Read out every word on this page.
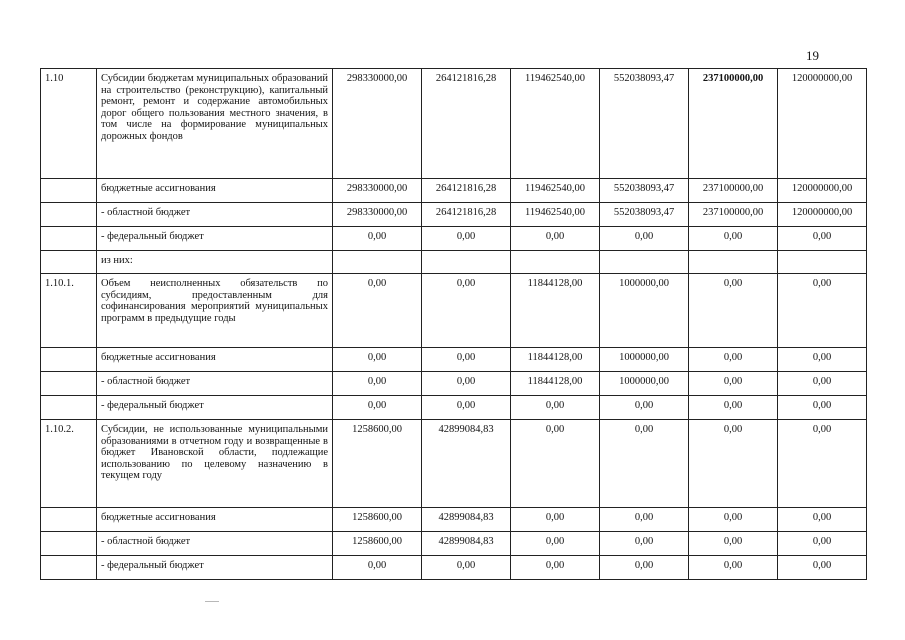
19
1.10	Субсидии бюджетам муниципальных образований на строительство (реконструкцию), капитальный ремонт, ремонт и содержание автомобильных дорог общего пользования местного значения, в том числе на формирование муниципальных дорожных фондов	298330000,00	264121816,28	119462540,00	552038093,47	237100000,00	120000000,00
	бюджетные ассигнования	298330000,00	264121816,28	119462540,00	552038093,47	237100000,00	120000000,00
	- областной бюджет	298330000,00	264121816,28	119462540,00	552038093,47	237100000,00	120000000,00
	- федеральный бюджет	0,00	0,00	0,00	0,00	0,00	0,00
	из них:						
1.10.1.	Объем неисполненных обязательств по субсидиям, предоставленным для софинансирования мероприятий муниципальных программ в предыдущие годы	0,00	0,00	11844128,00	1000000,00	0,00	0,00
	бюджетные ассигнования	0,00	0,00	11844128,00	1000000,00	0,00	0,00
	- областной бюджет	0,00	0,00	11844128,00	1000000,00	0,00	0,00
	- федеральный бюджет	0,00	0,00	0,00	0,00	0,00	0,00
1.10.2.	Субсидии, не использованные муниципальными образованиями в отчетном году и возвращенные в бюджет Ивановской области, подлежащие использованию по целевому назначению в текущем году	1258600,00	42899084,83	0,00	0,00	0,00	0,00
	бюджетные ассигнования	1258600,00	42899084,83	0,00	0,00	0,00	0,00
	- областной бюджет	1258600,00	42899084,83	0,00	0,00	0,00	0,00
	- федеральный бюджет	0,00	0,00	0,00	0,00	0,00	0,00
